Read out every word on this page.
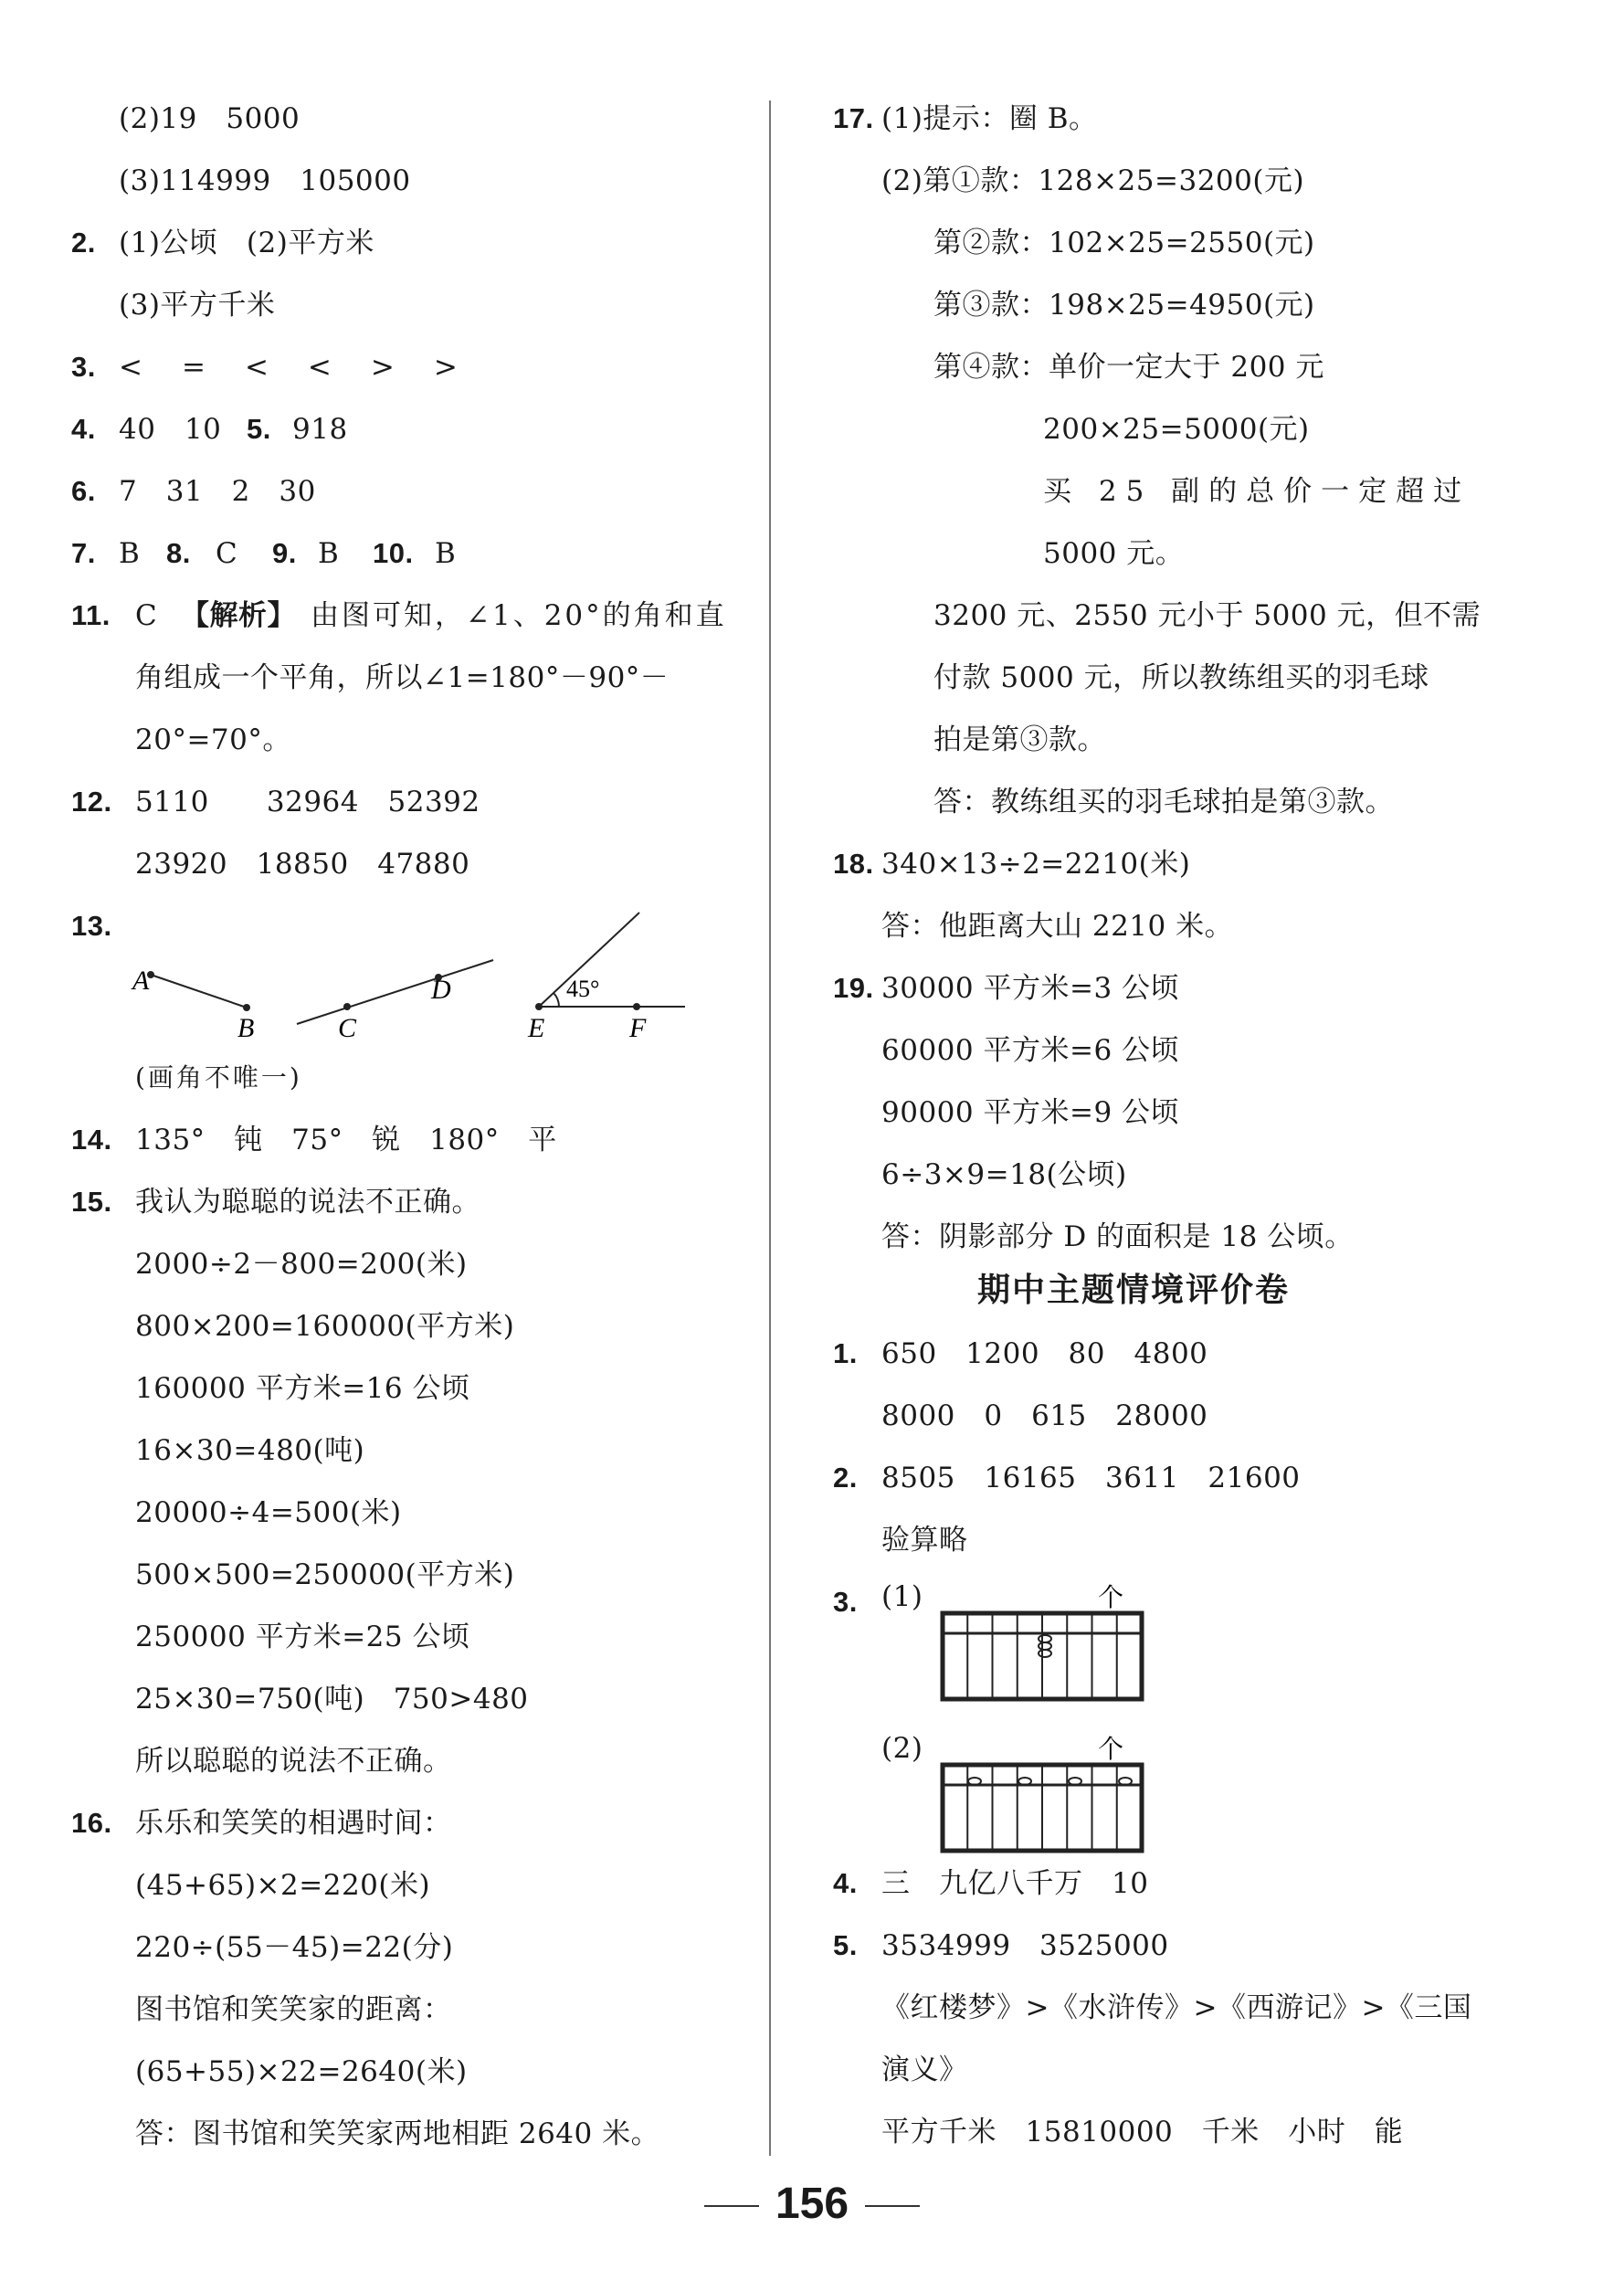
(2)19　5000
(3)114999　105000
2. (1)公顷　(2)平方米
(3)平方千米
3. <　=　<　<　>　>
4. 40　10 5. 918
6. 7　31　2　30
7. B 8. C 9. B 10. B
11. C 【解析】 由图可知，∠1、20°的角和直
角组成一个平角，所以∠1=180°－90°－
20°=70°。
12. 5110　　32964　52392
23920　18850　47880
13.
A
B	C
D
E	F
45°
(画角不唯一)
14. 135°　钝　75°　锐　180°　平
15. 我认为聪聪的说法不正确。
2000÷2－800=200(米)
800×200=160000(平方米)
160000 平方米=16 公顷
16×30=480(吨)
20000÷4=500(米)
500×500=250000(平方米)
250000 平方米=25 公顷
25×30=750(吨)　750>480
所以聪聪的说法不正确。
16. 乐乐和笑笑的相遇时间：
(45+65)×2=220(米)
220÷(55－45)=22(分)
图书馆和笑笑家的距离：
(65+55)×22=2640(米)
答：图书馆和笑笑家两地相距 2640 米。
17. (1)提示：圈 B。
(2)第①款：128×25=3200(元)
第②款：102×25=2550(元)
第③款：198×25=4950(元)
第④款：单价一定大于 200 元
200×25=5000(元)
买 25 副的总价一定超过
5000 元。
3200 元、2550 元小于 5000 元，但不需
付款 5000 元，所以教练组买的羽毛球
拍是第③款。
答：教练组买的羽毛球拍是第③款。
18. 340×13÷2=2210(米)
答：他距离大山 2210 米。
19. 30000 平方米=3 公顷
60000 平方米=6 公顷
90000 平方米=9 公顷
6÷3×9=18(公顷)
答：阴影部分 D 的面积是 18 公顷。
期中主题情境评价卷
1. 650　1200　80　4800
8000　0　615　28000
2. 8505　16165　3611　21600
验算略
3. (1)
(2)
个
个
4. 三　九亿八千万　10
5. 3534999　3525000
《红楼梦》>《水浒传》>《西游记》>《三国
演义》
平方千米　15810000　千米　小时　能
156
